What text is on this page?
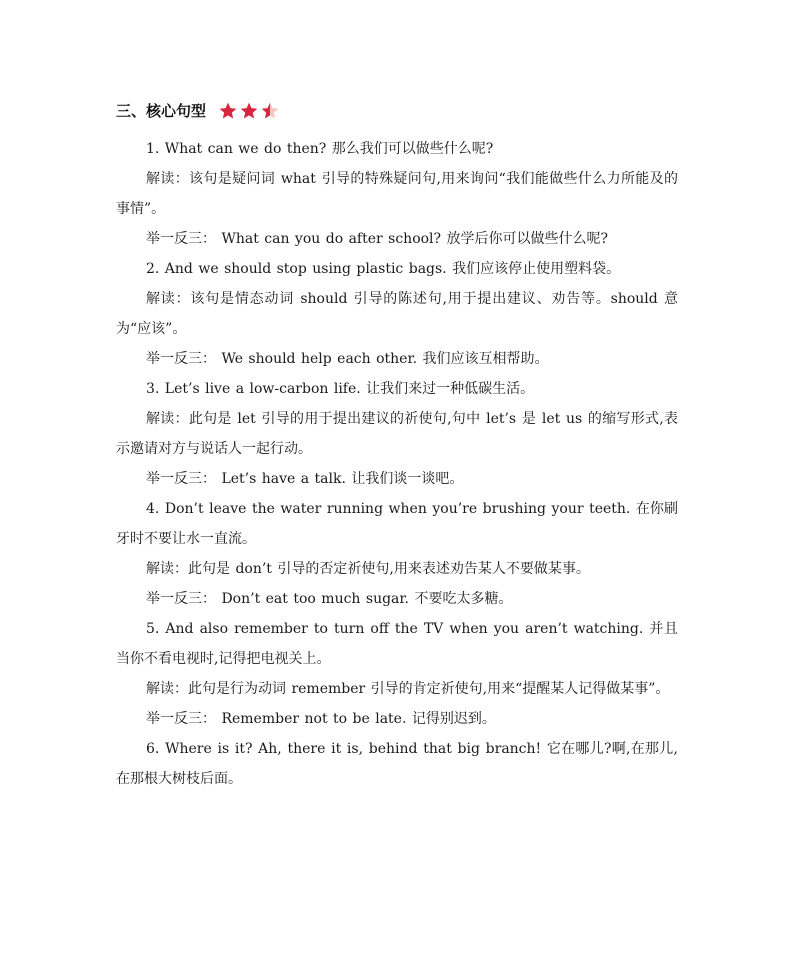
三、核心句型

1. What can we do then? 那么我们可以做些什么呢?

解读：该句是疑问词 what 引导的特殊疑问句,用来询问“我们能做些什么力所能及的事情”。

举一反三： What can you do after school? 放学后你可以做些什么呢?

2. And we should stop using plastic bags. 我们应该停止使用塑料袋。

解读：该句是情态动词 should 引导的陈述句,用于提出建议、劝告等。should 意为“应该”。

举一反三： We should help each other. 我们应该互相帮助。

3. Let’s live a low-carbon life. 让我们来过一种低碳生活。

解读：此句是 let 引导的用于提出建议的祈使句,句中 let’s 是 let us 的缩写形式,表示邀请对方与说话人一起行动。

举一反三： Let’s have a talk. 让我们谈一谈吧。

4. Don’t leave the water running when you’re brushing your teeth. 在你刷牙时不要让水一直流。

解读：此句是 don’t 引导的否定祈使句,用来表述劝告某人不要做某事。

举一反三： Don’t eat too much sugar. 不要吃太多糖。

5. And also remember to turn off the TV when you aren’t watching. 并且当你不看电视时,记得把电视关上。

解读：此句是行为动词 remember 引导的肯定祈使句,用来“提醒某人记得做某事”。

举一反三： Remember not to be late. 记得别迟到。

6. Where is it? Ah, there it is, behind that big branch! 它在哪儿?啊,在那儿,在那根大树枝后面。
